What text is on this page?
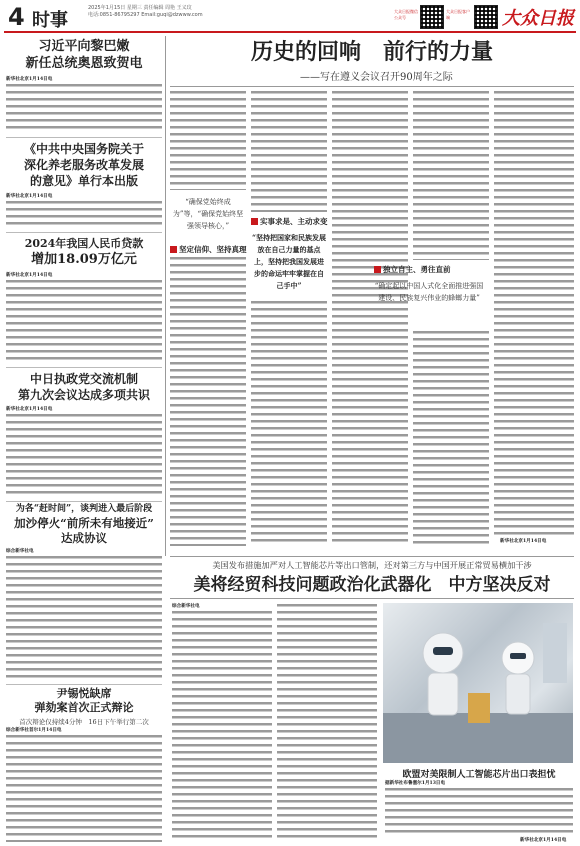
4 时事
2025年1月15日 星期三 责任编辑 周艳 王义玟
电话:0851-86795297 Email:guqi@dzwww.com
大众日报微信公众号
大众日报客户端	大众日报
习近平向黎巴嫩
新任总统奥恩致贺电
新华社北京1月14日电
《中共中央国务院关于
深化养老服务改革发展
的意见》单行本出版
新华社北京1月14日电
2024年我国人民币贷款
增加18.09万亿元
新华社北京1月14日电
中日执政党交流机制
第九次会议达成多项共识
新华社北京1月14日电
为各“赶时间”，谈判进入最后阶段
加沙停火“前所未有地接近”
达成协议
综合新华社电
尹锡悦缺席
弹劾案首次正式辩论
首次辩论仅持续4分钟　16日下午举行第二次
综合新华社首尔1月14日电
历史的回响　前行的力量
——写在遵义会议召开90周年之际
“确保党始终成为”等，“确保党始终坚强领导核心，”
坚定信仰、坚持真理
实事求是、主动求变
“坚持把国家和民族发展放在自己力量的基点上，坚持把我国发展进步的命运牢牢掌握在自己手中”
独立自主、勇往直前
“确定起以中国人式化全面推进强国建设、民族复兴伟业的蜂螂力量”
新华社北京1月14日电
美国发布措施加严对人工智能芯片等出口管制，还对第三方与中国开展正常贸易横加干涉
美将经贸科技问题政治化武器化　中方坚决反对
综合新华社电
欧盟对美限制人工智能芯片出口表担忧
据新华社布鲁塞尔1月13日电
新华社北京1月14日电
